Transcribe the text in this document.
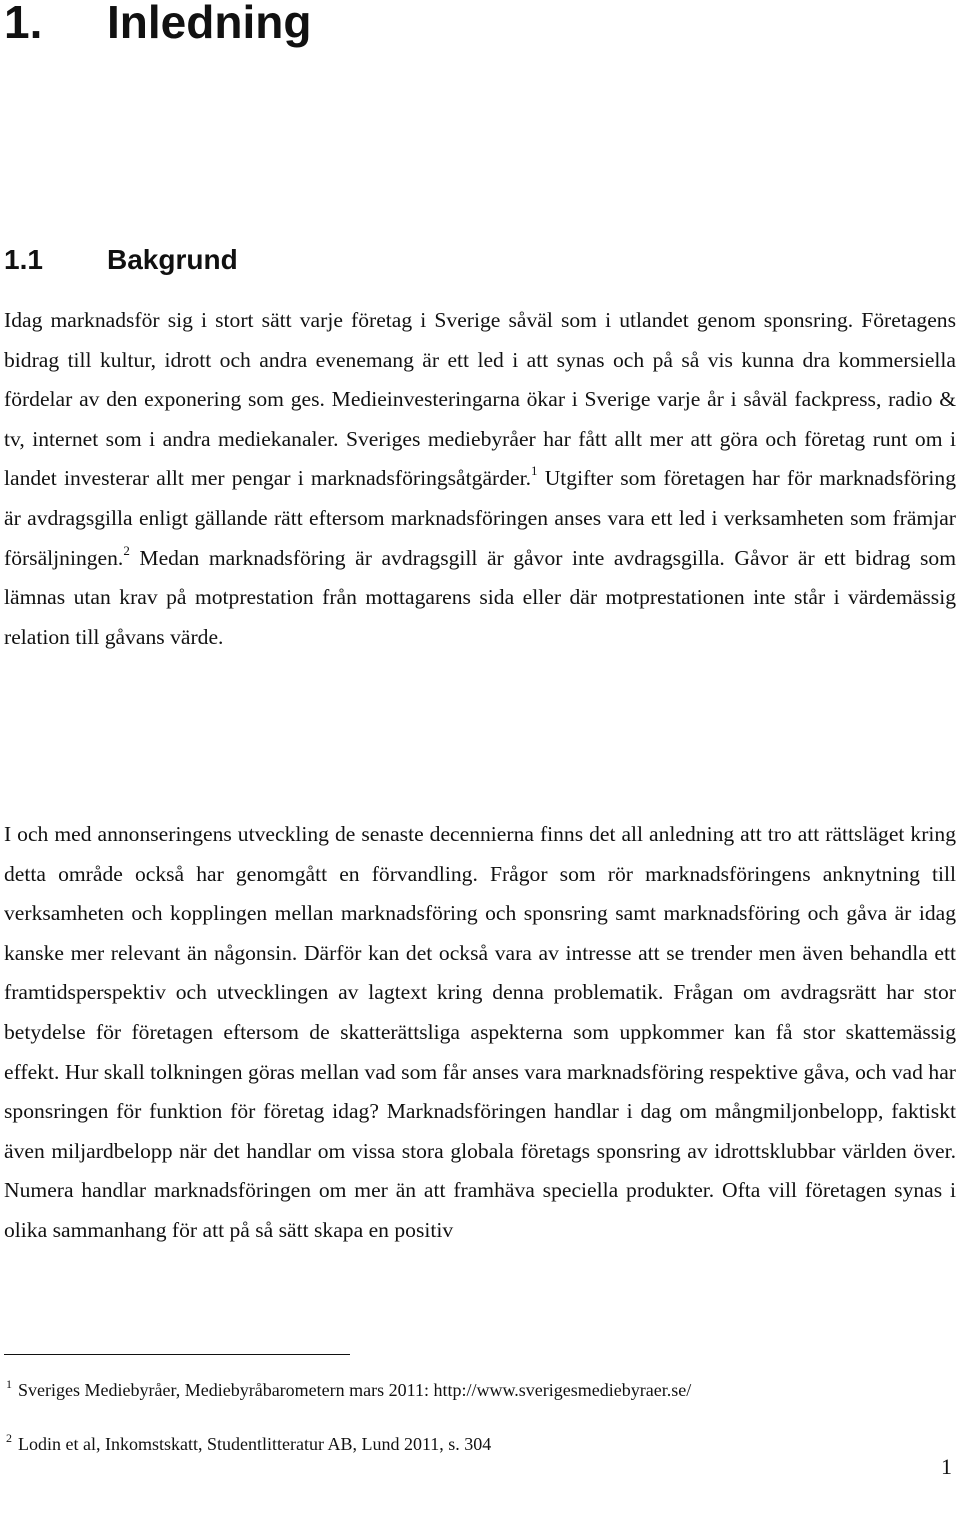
1. Inledning
1.1 Bakgrund

Idag marknadsför sig i stort sätt varje företag i Sverige såväl som i utlandet genom sponsring. Företagens bidrag till kultur, idrott och andra evenemang är ett led i att synas och på så vis kunna dra kommersiella fördelar av den exponering som ges. Medieinvesteringarna ökar i Sverige varje år i såväl fackpress, radio & tv, internet som i andra mediekanaler. Sveriges mediebyråer har fått allt mer att göra och företag runt om i landet investerar allt mer pengar i marknadsföringsåtgärder.$^1$ Utgifter som företagen har för marknadsföring är avdragsgilla enligt gällande rätt eftersom marknadsföringen anses vara ett led i verksamheten som främjar försäljningen.$^2$ Medan marknadsföring är avdragsgill är gåvor inte avdragsgilla. Gåvor är ett bidrag som lämnas utan krav på motprestation från mottagarens sida eller där motprestationen inte står i värdemässig relation till gåvans värde.

I och med annonseringens utveckling de senaste decennierna finns det all anledning att tro att rättsläget kring detta område också har genomgått en förvandling. Frågor som rör marknadsföringens anknytning till verksamheten och kopplingen mellan marknadsföring och sponsring samt marknadsföring och gåva är idag kanske mer relevant än någonsin. Därför kan det också vara av intresse att se trender men även behandla ett framtidsperspektiv och utvecklingen av lagtext kring denna problematik. Frågan om avdragsrätt har stor betydelse för företagen eftersom de skatterättsliga aspekterna som uppkommer kan få stor skattemässig effekt. Hur skall tolkningen göras mellan vad som får anses vara marknadsföring respektive gåva, och vad har sponsringen för funktion för företag idag? Marknadsföringen handlar i dag om mångmiljonbelopp, faktiskt även miljardbelopp när det handlar om vissa stora globala företags sponsring av idrottsklubbar världen över. Numera handlar marknadsföringen om mer än att framhäva speciella produkter. Ofta vill företagen synas i olika sammanhang för att på så sätt skapa en positiv

$^1$ Sveriges Mediebyråer, Mediebyråbarometern mars 2011: http://www.sverigesmediebyraer.se/

$^2$ Lodin et al, Inkomstskatt, Studentlitteratur AB, Lund 2011, s. 304

1
